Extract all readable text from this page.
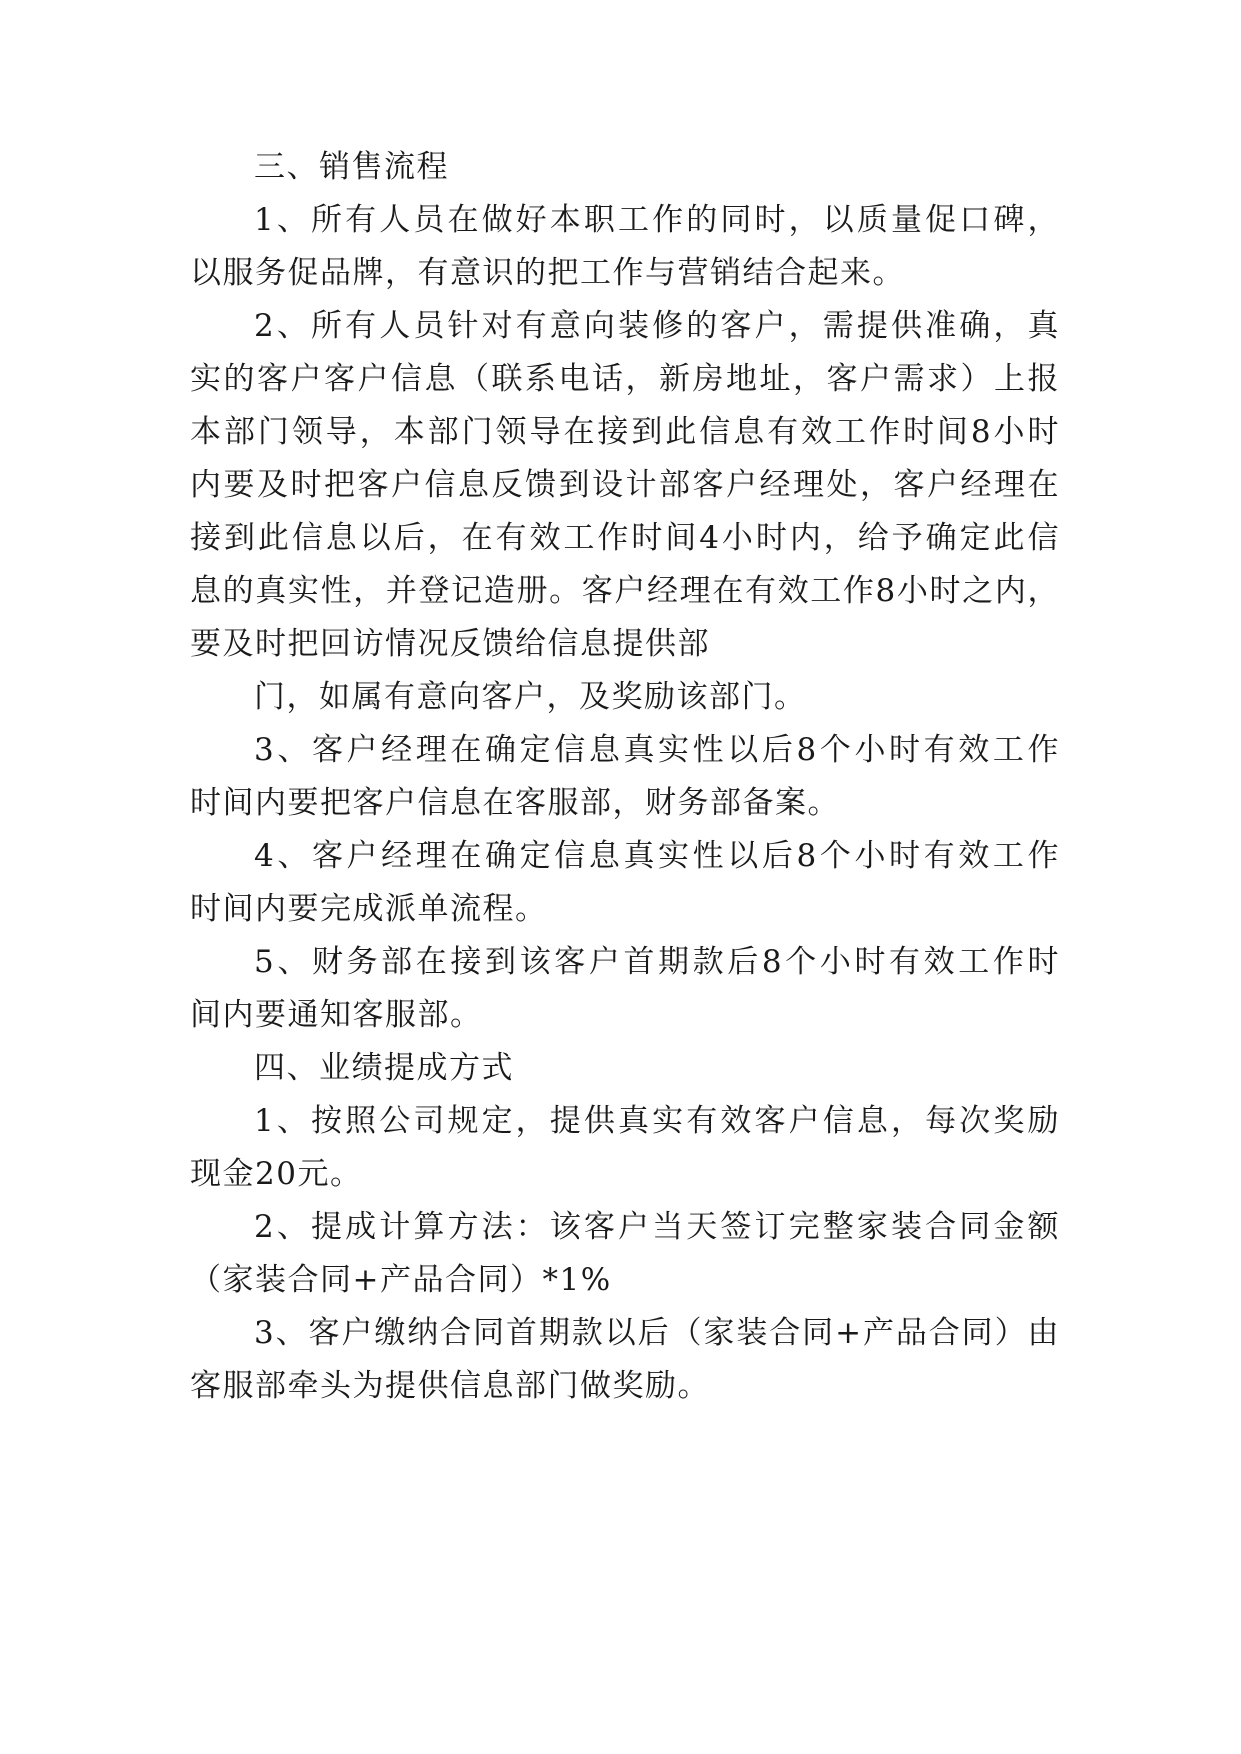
三、销售流程
1、所有人员在做好本职工作的同时，以质量促口碑，
以服务促品牌，有意识的把工作与营销结合起来。
2、所有人员针对有意向装修的客户，需提供准确，真
实的客户客户信息（联系电话，新房地址，客户需求）上报
本部门领导，本部门领导在接到此信息有效工作时间8小时
内要及时把客户信息反馈到设计部客户经理处，客户经理在
接到此信息以后，在有效工作时间4小时内，给予确定此信
息的真实性，并登记造册。客户经理在有效工作8小时之内，
要及时把回访情况反馈给信息提供部
门，如属有意向客户，及奖励该部门。
3、客户经理在确定信息真实性以后8个小时有效工作
时间内要把客户信息在客服部，财务部备案。
4、客户经理在确定信息真实性以后8个小时有效工作
时间内要完成派单流程。
5、财务部在接到该客户首期款后8个小时有效工作时
间内要通知客服部。
四、业绩提成方式
1、按照公司规定，提供真实有效客户信息，每次奖励
现金20元。
2、提成计算方法：该客户当天签订完整家装合同金额
（家装合同+产品合同）*1%
3、客户缴纳合同首期款以后（家装合同+产品合同）由
客服部牵头为提供信息部门做奖励。
